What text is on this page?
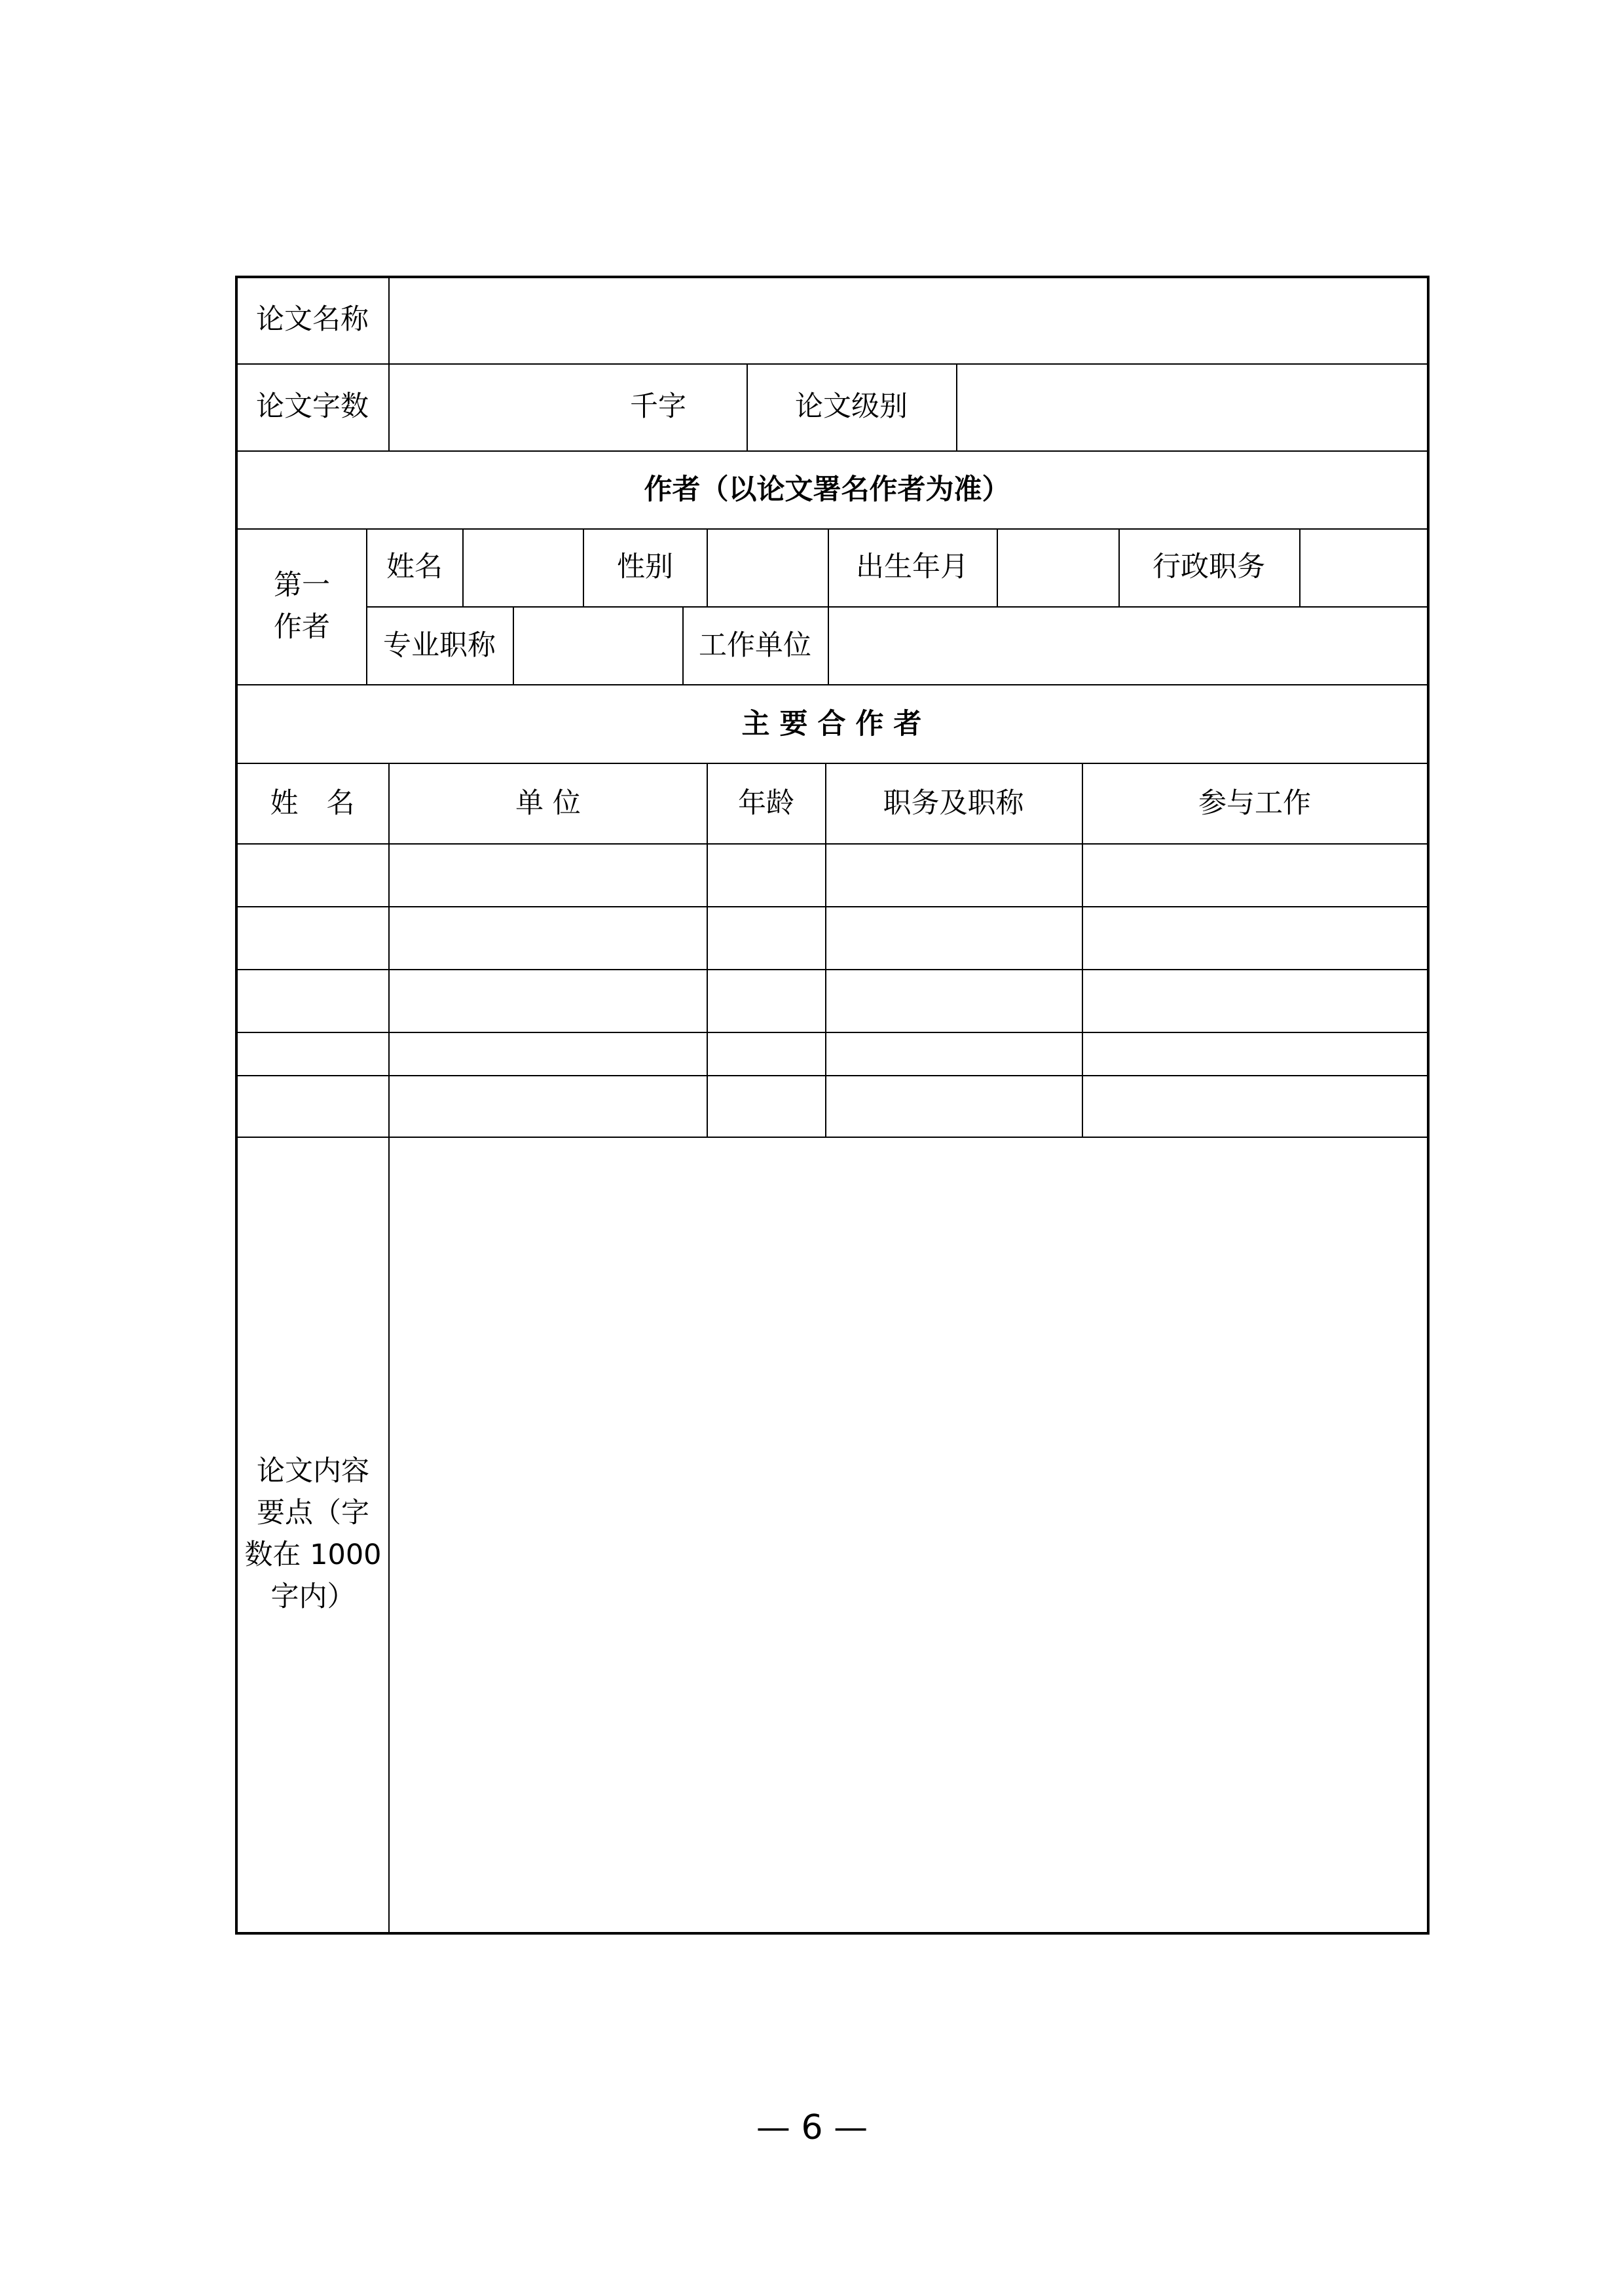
论文名称
论文字数	千字	论文级别
作者（以论文署名作者为准）
第一
作者
姓名	性别	出生年月	行政职务
专业职称	工作单位
主 要 合 作 者
姓　名	单 位	年龄	职务及职称	参与工作
论文内容
要点（字
数在 1000
字内）
— 6 —
